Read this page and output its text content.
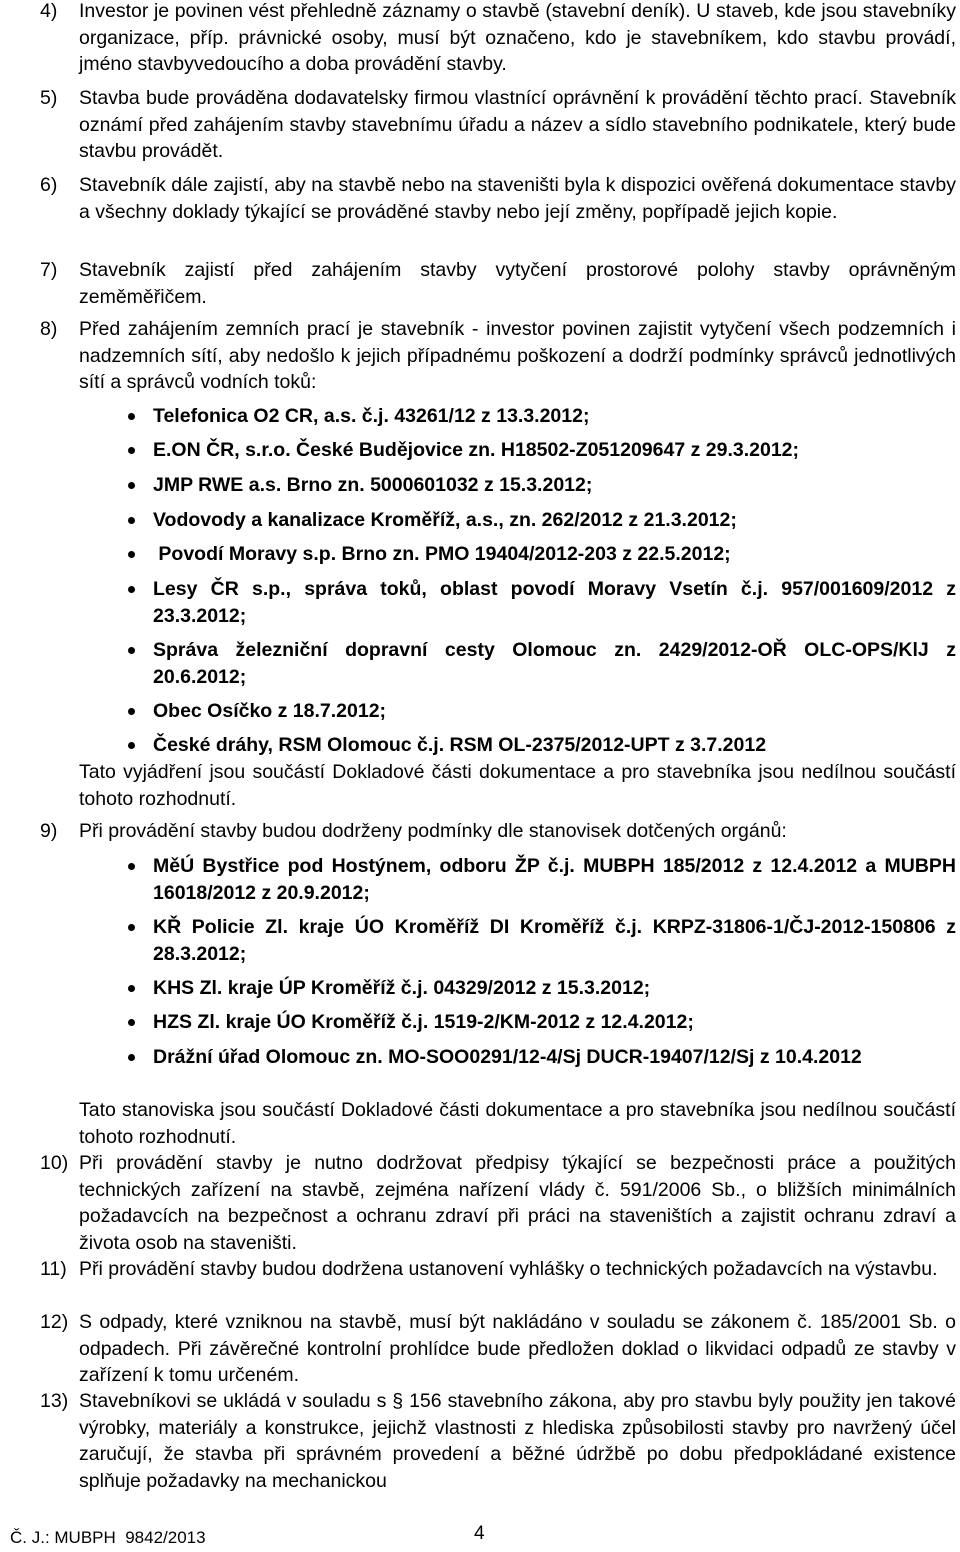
4) Investor je povinen vést přehledně záznamy o stavbě (stavební deník). U staveb, kde jsou stavebníky organizace, příp. právnické osoby, musí být označeno, kdo je stavebníkem, kdo stavbu provádí, jméno stavbyvedoucího a doba provádění stavby.
5) Stavba bude prováděna dodavatelsky firmou vlastnící oprávnění k provádění těchto prací. Stavebník oznámí před zahájením stavby stavebnímu úřadu a název a sídlo stavebního podnikatele, který bude stavbu provádět.
6) Stavebník dále zajistí, aby na stavbě nebo na staveništi byla k dispozici ověřená dokumentace stavby a všechny doklady týkající se prováděné stavby nebo její změny, popřípadě jejich kopie.
7) Stavebník zajistí před zahájením stavby vytyčení prostorové polohy stavby oprávněným zeměměřičem.
8) Před zahájením zemních prací je stavebník - investor povinen zajistit vytyčení všech podzemních i nadzemních sítí, aby nedošlo k jejich případnému poškození a dodrží podmínky správců jednotlivých sítí a správců vodních toků:
Telefonica O2 CR, a.s. č.j. 43261/12 z 13.3.2012;
E.ON ČR, s.r.o. České Budějovice zn. H18502-Z051209647 z 29.3.2012;
JMP RWE a.s. Brno zn. 5000601032 z 15.3.2012;
Vodovody a kanalizace Kroměříž, a.s., zn. 262/2012 z 21.3.2012;
Povodí Moravy s.p. Brno zn. PMO 19404/2012-203 z 22.5.2012;
Lesy ČR s.p., správa toků, oblast povodí Moravy Vsetín č.j. 957/001609/2012 z 23.3.2012;
Správa železniční dopravní cesty Olomouc zn. 2429/2012-OŘ OLC-OPS/KlJ z 20.6.2012;
Obec Osíčko z 18.7.2012;
České dráhy, RSM Olomouc č.j. RSM OL-2375/2012-UPT z 3.7.2012
Tato vyjádření jsou součástí Dokladové části dokumentace a pro stavebníka jsou nedílnou součástí tohoto rozhodnutí.
9) Při provádění stavby budou dodrženy podmínky dle stanovisek dotčených orgánů:
MěÚ Bystřice pod Hostýnem, odboru ŽP č.j. MUBPH 185/2012 z 12.4.2012 a MUBPH 16018/2012 z 20.9.2012;
KŘ Policie Zl. kraje ÚO Kroměříž DI Kroměříž č.j. KRPZ-31806-1/ČJ-2012-150806 z 28.3.2012;
KHS Zl. kraje ÚP Kroměříž č.j. 04329/2012 z 15.3.2012;
HZS Zl. kraje ÚO Kroměříž č.j. 1519-2/KM-2012 z 12.4.2012;
Drážní úřad Olomouc zn. MO-SOO0291/12-4/Sj DUCR-19407/12/Sj z 10.4.2012
Tato stanoviska jsou součástí Dokladové části dokumentace a pro stavebníka jsou nedílnou součástí tohoto rozhodnutí.
10) Při provádění stavby je nutno dodržovat předpisy týkající se bezpečnosti práce a použitých technických zařízení na stavbě, zejména nařízení vlády č. 591/2006 Sb., o bližších minimálních požadavcích na bezpečnost a ochranu zdraví při práci na staveništích a zajistit ochranu zdraví a života osob na staveništi.
11) Při provádění stavby budou dodržena ustanovení vyhlášky o technických požadavcích na výstavbu.
12) S odpady, které vzniknou na stavbě, musí být nakládáno v souladu se zákonem č. 185/2001 Sb. o odpadech. Při závěrečné kontrolní prohlídce bude předložen doklad o likvidaci odpadů ze stavby v zařízení k tomu určeném.
13) Stavebníkovi se ukládá v souladu s § 156 stavebního zákona, aby pro stavbu byly použity jen takové výrobky, materiály a konstrukce, jejichž vlastnosti z hlediska způsobilosti stavby pro navržený účel zaručují, že stavba při správném provedení a běžné údržbě po dobu předpokládané existence splňuje požadavky na mechanickou
Č. J.: MUBPH  9842/2013	4
